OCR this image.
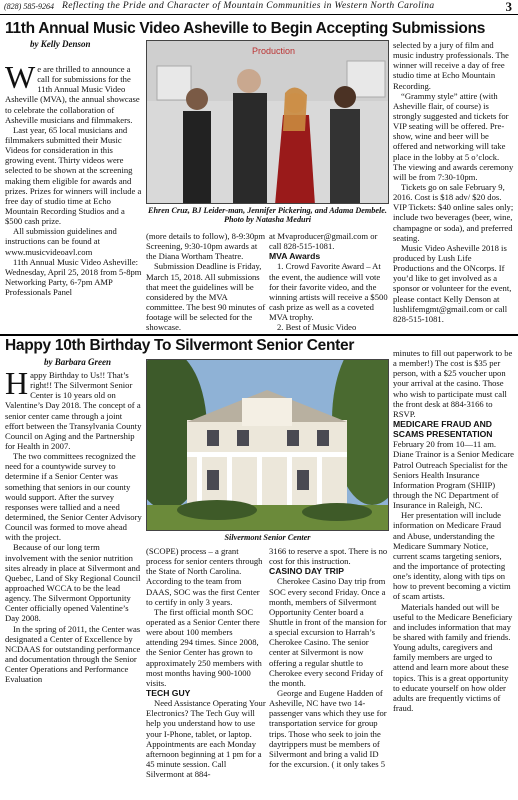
(828) 585-9264 Reflecting the Pride and Character of Mountain Communities in Western North Carolina	3
11th Annual Music Video Asheville to Begin Accepting Submissions
by Kelly Denson
Production
Ehren Cruz, BJ Leider-man, Jennifer Pickering, and Adama Dembele. Photo by Natasha Meduri

We are thrilled to announce a call for submissions for the 11th Annual Music Video Asheville (MVA), the annual showcase to celebrate the collaboration of Asheville musicians and filmmakers.

Last year, 65 local musicians and filmmakers submitted their Music Videos for consideration in this growing event. Thirty videos were selected to be shown at the screening making them eligible for awards and prizes. Prizes for winners will include a free day of studio time at Echo Mountain Recording Studios and a $500 cash prize.

All submission guidelines and instructions can be found at www.musicvideoavl.com

11th Annual Music Video Asheville: Wednesday, April 25, 2018 from 5-8pm Networking Party, 6-7pm AMP Professionals Panel

(more details to follow), 8-9:30pm Screening, 9:30-10pm awards at the Diana Wortham Theatre.

Submission Deadline is Friday, March 15, 2018. All submissions that meet the guidelines will be considered by the MVA committee. The best 90 minutes of footage will be selected for the showcase.

at Mvaproducer@gmail.com or call 828-515-1081.

MVA Awards

1. Crowd Favorite Award – At the event, the audience will vote for their favorite video, and the winning artists will receive a $500 cash prize as well as a coveted MVA trophy.

2. Best of Music Video

selected by a jury of film and music industry professionals. The winner will receive a day of free studio time at Echo Mountain Recording.

“Grammy style” attire (with Asheville flair, of course) is strongly suggested and tickets for VIP seating will be offered. Pre-show, wine and beer will be offered and networking will take place in the lobby at 5 o’clock. The viewing and awards ceremony will be from 7:30-10pm.

Tickets go on sale February 9, 2016. Cost is $18 adv/ $20 dos. VIP Tickets: $40 online sales only; include two beverages (beer, wine, champagne or soda), and preferred seating.

Music Video Asheville 2018 is produced by Lush Life Productions and the ONcorps. If you’d like to get involved as a sponsor or volunteer for the event, please contact Kelly Denson at lushlifemgmt@gmail.com or call 828-515-1081.

Happy 10th Birthday To Silvermont Senior Center
by Barbara Green
Silvermont Senior Center

Happy Birthday to Us!! That’s right!! The Silvermont Senior Center is 10 years old on Valentine’s Day 2018. The concept of a senior center came through a joint effort between the Transylvania County Council on Aging and the Partnership for Health in 2007.

The two committees recognized the need for a countywide survey to determine if a Senior Center was something that seniors in our county would support. After the survey responses were tallied and a need determined, the Senior Center Advisory Council was formed to move ahead with the project.

Because of our long term involvement with the senior nutrition sites already in place at Silvermont and Quebec, Land of Sky Regional Council approached WCCA to be the lead agency. The Silvermont Opportunity Center officially opened Valentine’s Day 2008.

In the spring of 2011, the Center was designated a Center of Excellence by NCDAAS for outstanding performance and documentation through the Senior Center Operations and Performance Evaluation

(SCOPE) process – a grant process for senior centers through the State of North Carolina. According to the team from DAAS, SOC was the first Center to certify in only 3 years.

The first official month SOC operated as a Senior Center there were about 100 members attending 294 times. Since 2008, the Senior Center has grown to approximately 250 members with most months having 900-1000 visits.

TECH GUY

Need Assistance Operating Your Electronics? The Tech Guy will help you understand how to use your I-Phone, tablet, or laptop. Appointments are each Monday afternoon beginning at 1 pm for a 45 minute session. Call Silvermont at 884-

3166 to reserve a spot. There is no cost for this instruction.

CASINO DAY TRIP

Cherokee Casino Day trip from SOC every second Friday. Once a month, members of Silvermont Opportunity Center board a Shuttle in front of the mansion for a special excursion to Harrah’s Cherokee Casino. The senior center at Silvermont is now offering a regular shuttle to Cherokee every second Friday of the month.

George and Eugene Hadden of Asheville, NC have two 14-passenger vans which they use for transportation service for group trips. Those who seek to join the daytrippers must be members of Silvermont and bring a valid ID for the excursion. ( it only takes 5

minutes to fill out paperwork to be a member!) The cost is $35 per person, with a $25 voucher upon your arrival at the casino. Those who wish to participate must call the front desk at 884-3166 to RSVP.

MEDICARE FRAUD AND SCAMS PRESENTATION

February 20 from 10—11 am. Diane Trainor is a Senior Medicare Patrol Outreach Specialist for the Seniors Health Insurance Information Program (SHIIP) through the NC Department of Insurance in Raleigh, NC.

Her presentation will include information on Medicare Fraud and Abuse, understanding the Medicare Summary Notice, current scams targeting seniors, and the importance of protecting one’s identity, along with tips on how to prevent becoming a victim of scam artists.

Materials handed out will be useful to the Medicare Beneficiary and includes information that may be shared with family and friends. Young adults, caregivers and family members are urged to attend and learn more about these topics. This is a great opportunity to educate yourself on how older adults are frequently victims of fraud.
